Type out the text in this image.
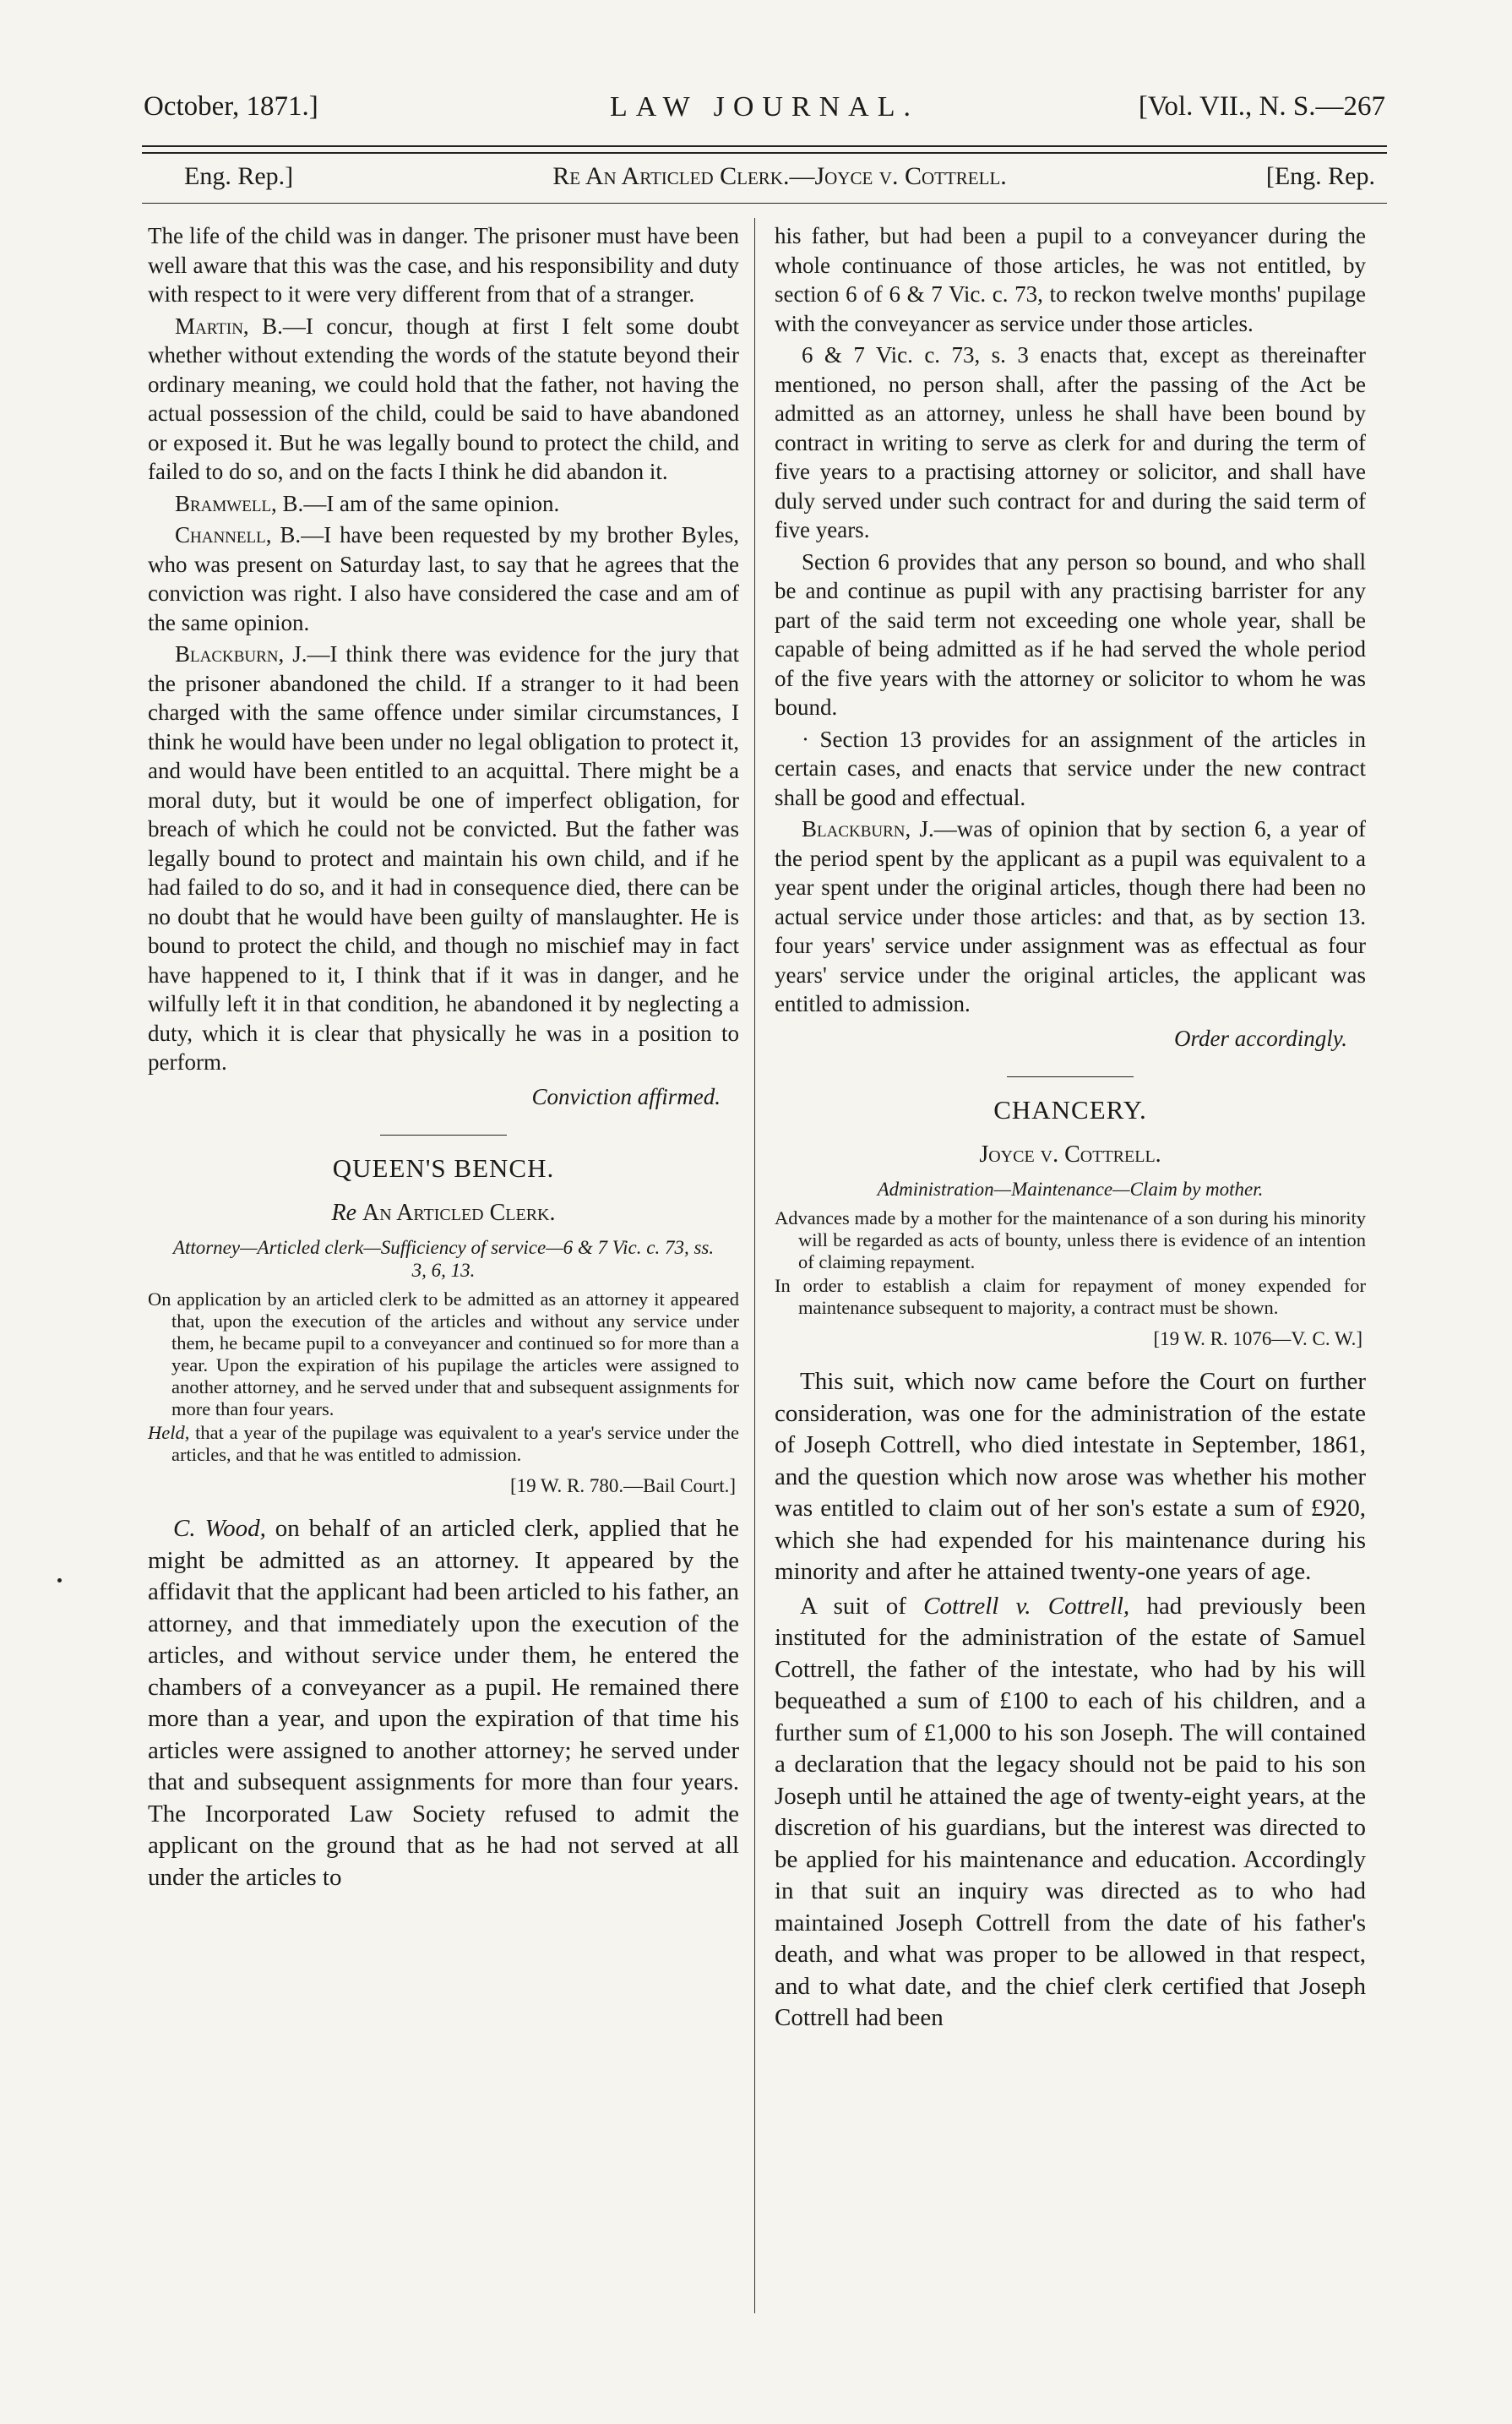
October, 1871.]	LAW JOURNAL.	[Vol. VII., N. S.—267
Eng. Rep.]	Re An Articled Clerk.—Joyce v. Cottrell.	[Eng. Rep.

The life of the child was in danger. The prisoner must have been well aware that this was the case, and his responsibility and duty with respect to it were very different from that of a stranger.

Martin, B.—I concur, though at first I felt some doubt whether without extending the words of the statute beyond their ordinary meaning, we could hold that the father, not having the actual possession of the child, could be said to have abandoned or exposed it. But he was legally bound to protect the child, and failed to do so, and on the facts I think he did abandon it.

Bramwell, B.—I am of the same opinion.

Channell, B.—I have been requested by my brother Byles, who was present on Saturday last, to say that he agrees that the conviction was right. I also have considered the case and am of the same opinion.

Blackburn, J.—I think there was evidence for the jury that the prisoner abandoned the child. If a stranger to it had been charged with the same offence under similar circumstances, I think he would have been under no legal obligation to protect it, and would have been entitled to an acquittal. There might be a moral duty, but it would be one of imperfect obligation, for breach of which he could not be convicted. But the father was legally bound to protect and maintain his own child, and if he had failed to do so, and it had in consequence died, there can be no doubt that he would have been guilty of manslaughter. He is bound to protect the child, and though no mischief may in fact have happened to it, I think that if it was in danger, and he wilfully left it in that condition, he abandoned it by neglecting a duty, which it is clear that physically he was in a position to perform.

Conviction affirmed.

QUEEN'S BENCH.
Re An Articled Clerk.
Attorney—Articled clerk—Sufficiency of service—6 & 7 Vic. c. 73, ss. 3, 6, 13.
On application by an articled clerk to be admitted as an attorney it appeared that, upon the execution of the articles and without any service under them, he became pupil to a conveyancer and continued so for more than a year. Upon the expiration of his pupilage the articles were assigned to another attorney, and he served under that and subsequent assignments for more than four years.
Held, that a year of the pupilage was equivalent to a year's service under the articles, and that he was entitled to admission.
[19 W. R. 780.—Bail Court.]

C. Wood, on behalf of an articled clerk, applied that he might be admitted as an attorney. It appeared by the affidavit that the applicant had been articled to his father, an attorney, and that immediately upon the execution of the articles, and without service under them, he entered the chambers of a conveyancer as a pupil. He remained there more than a year, and upon the expiration of that time his articles were assigned to another attorney; he served under that and subsequent assignments for more than four years. The Incorporated Law Society refused to admit the applicant on the ground that as he had not served at all under the articles to

his father, but had been a pupil to a conveyancer during the whole continuance of those articles, he was not entitled, by section 6 of 6 & 7 Vic. c. 73, to reckon twelve months' pupilage with the conveyancer as service under those articles.

6 & 7 Vic. c. 73, s. 3 enacts that, except as thereinafter mentioned, no person shall, after the passing of the Act be admitted as an attorney, unless he shall have been bound by contract in writing to serve as clerk for and during the term of five years to a practising attorney or solicitor, and shall have duly served under such contract for and during the said term of five years.

Section 6 provides that any person so bound, and who shall be and continue as pupil with any practising barrister for any part of the said term not exceeding one whole year, shall be capable of being admitted as if he had served the whole period of the five years with the attorney or solicitor to whom he was bound.

· Section 13 provides for an assignment of the articles in certain cases, and enacts that service under the new contract shall be good and effectual.

Blackburn, J.—was of opinion that by section 6, a year of the period spent by the applicant as a pupil was equivalent to a year spent under the original articles, though there had been no actual service under those articles: and that, as by section 13. four years' service under assignment was as effectual as four years' service under the original articles, the applicant was entitled to admission.

Order accordingly.

CHANCERY.
Joyce v. Cottrell.
Administration—Maintenance—Claim by mother.
Advances made by a mother for the maintenance of a son during his minority will be regarded as acts of bounty, unless there is evidence of an intention of claiming repayment.
In order to establish a claim for repayment of money expended for maintenance subsequent to majority, a contract must be shown.
[19 W. R. 1076—V. C. W.]

This suit, which now came before the Court on further consideration, was one for the administration of the estate of Joseph Cottrell, who died intestate in September, 1861, and the question which now arose was whether his mother was entitled to claim out of her son's estate a sum of £920, which she had expended for his maintenance during his minority and after he attained twenty-one years of age.

A suit of Cottrell v. Cottrell, had previously been instituted for the administration of the estate of Samuel Cottrell, the father of the intestate, who had by his will bequeathed a sum of £100 to each of his children, and a further sum of £1,000 to his son Joseph. The will contained a declaration that the legacy should not be paid to his son Joseph until he attained the age of twenty-eight years, at the discretion of his guardians, but the interest was directed to be applied for his maintenance and education. Accordingly in that suit an inquiry was directed as to who had maintained Joseph Cottrell from the date of his father's death, and what was proper to be allowed in that respect, and to what date, and the chief clerk certified that Joseph Cottrell had been
